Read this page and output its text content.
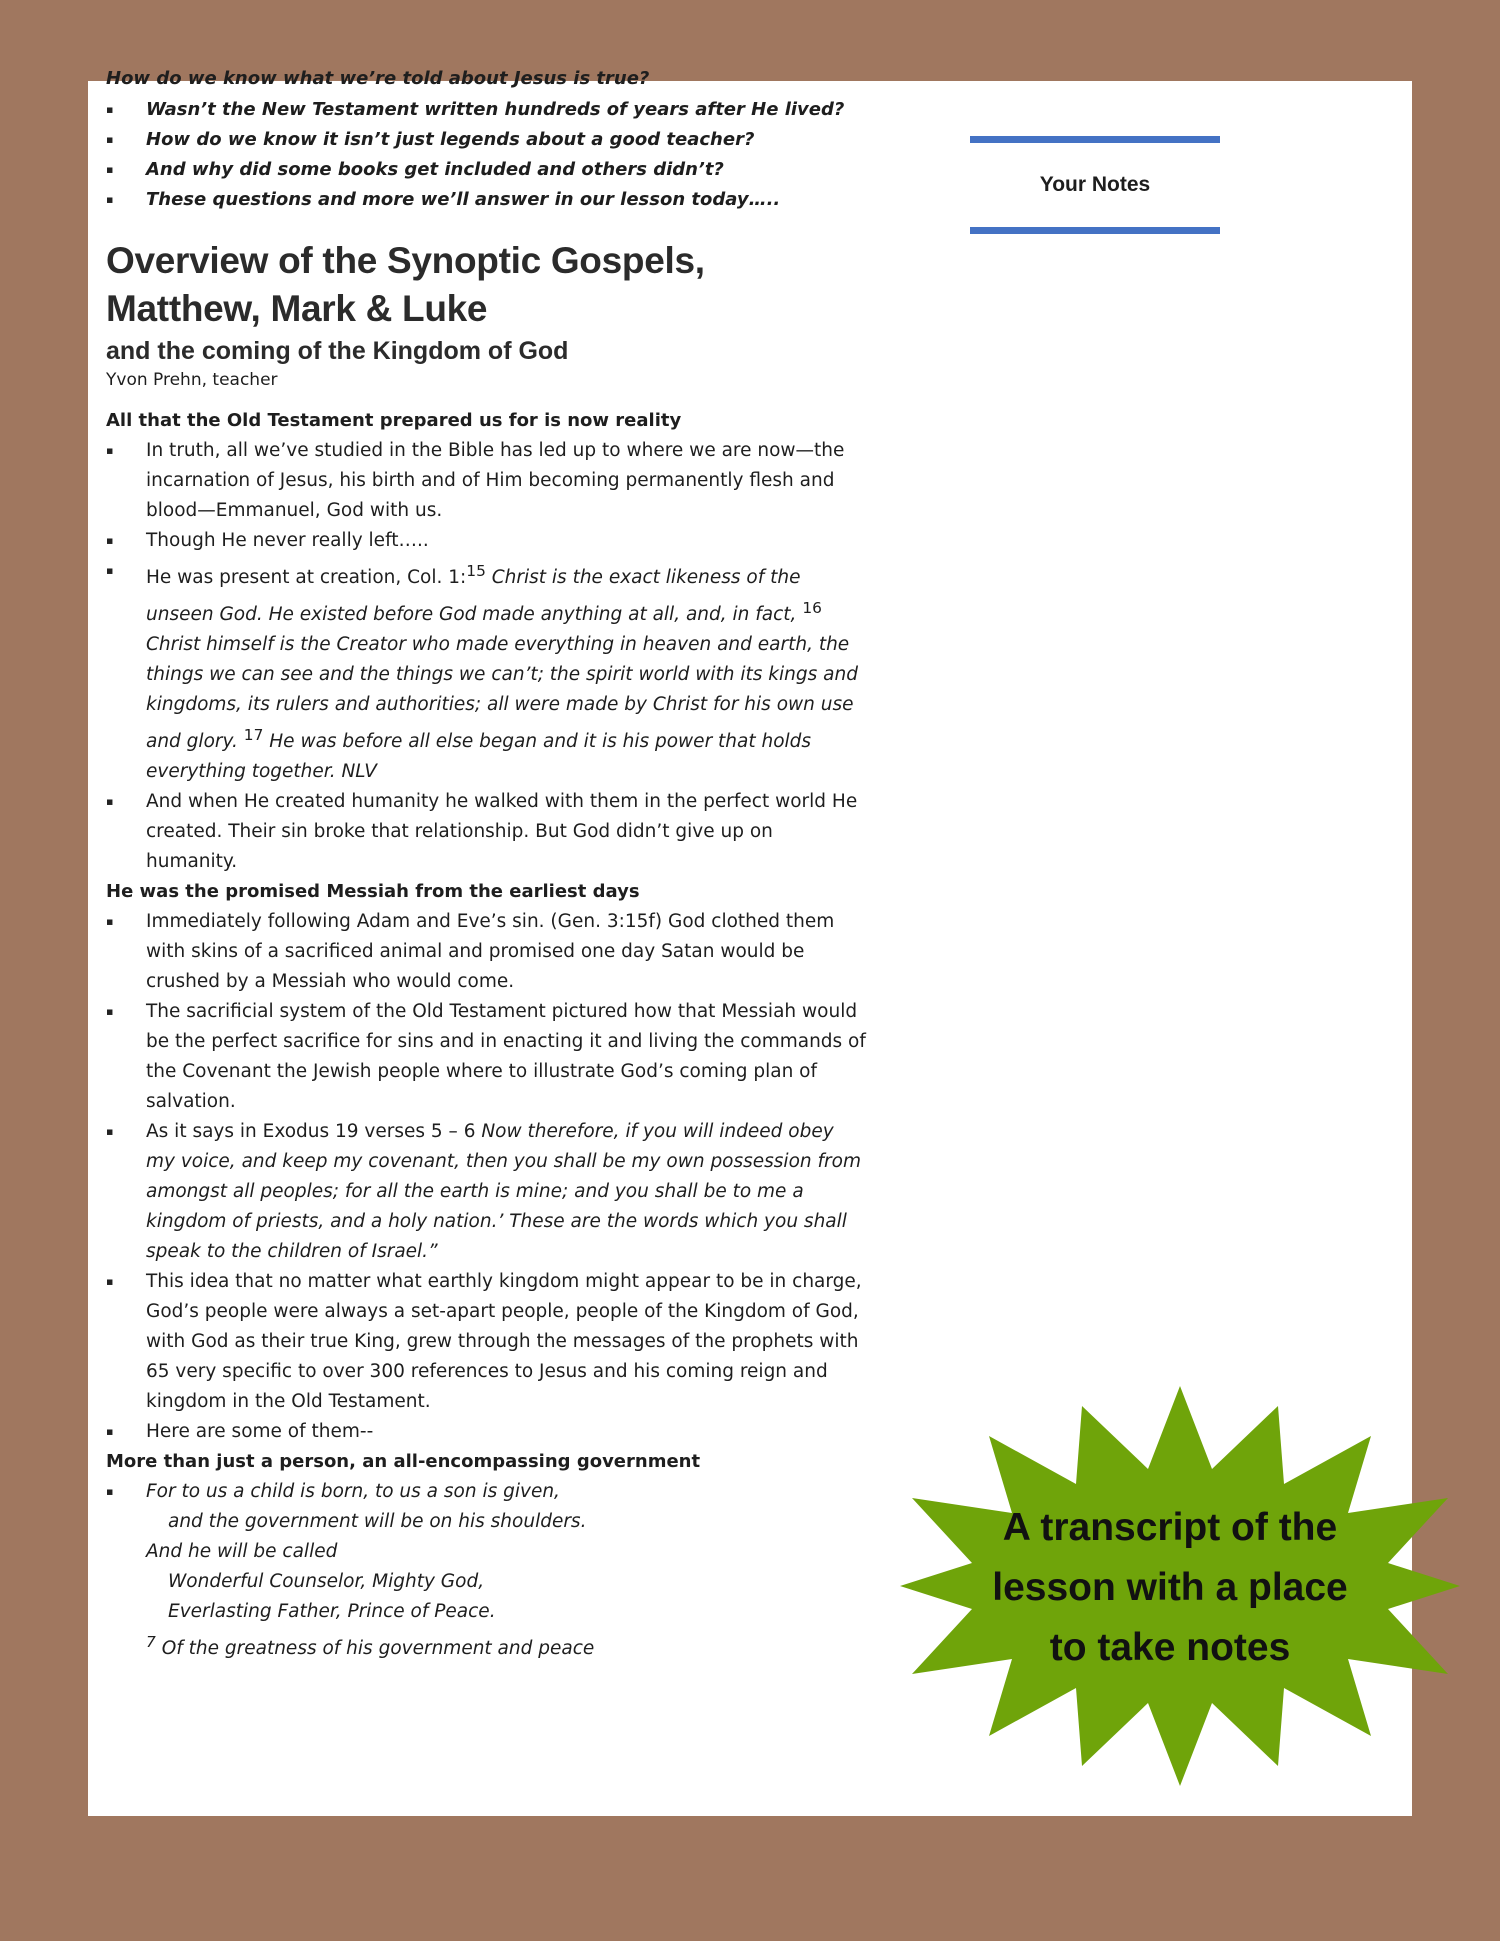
How do we know what we’re told about Jesus is true?

▪ Wasn’t the New Testament written hundreds of years after He lived?
▪ How do we know it isn’t just legends about a good teacher?
▪ And why did some books get included and others didn’t?
▪ These questions and more we’ll answer in our lesson today…..
Overview of the Synoptic Gospels, Matthew, Mark & Luke
and the coming of the Kingdom of God
Yvon Prehn, teacher

All that the Old Testament prepared us for is now reality

▪ In truth, all we’ve studied in the Bible has led up to where we are now—the incarnation of Jesus, his birth and of Him becoming permanently flesh and blood—Emmanuel, God with us.
▪ Though He never really left…..
▪ He was present at creation, Col. 1:$^{15}$ Christ is the exact likeness of the unseen God. He existed before God made anything at all, and, in fact, $^{16}$ Christ himself is the Creator who made everything in heaven and earth, the things we can see and the things we can’t; the spirit world with its kings and kingdoms, its rulers and authorities; all were made by Christ for his own use and glory. $^{17}$ He was before all else began and it is his power that holds everything together. NLV
▪ And when He created humanity he walked with them in the perfect world He created. Their sin broke that relationship. But God didn’t give up on humanity.

He was the promised Messiah from the earliest days

▪ Immediately following Adam and Eve’s sin. (Gen. 3:15f) God clothed them with skins of a sacrificed animal and promised one day Satan would be crushed by a Messiah who would come.
▪ The sacrificial system of the Old Testament pictured how that Messiah would be the perfect sacrifice for sins and in enacting it and living the commands of the Covenant the Jewish people where to illustrate God’s coming plan of salvation.
▪ As it says in Exodus 19 verses 5 – 6 Now therefore, if you will indeed obey my voice, and keep my covenant, then you shall be my own possession from amongst all peoples; for all the earth is mine; and you shall be to me a kingdom of priests, and a holy nation.’ These are the words which you shall speak to the children of Israel.”
▪ This idea that no matter what earthly kingdom might appear to be in charge, God’s people were always a set-apart people, people of the Kingdom of God, with God as their true King, grew through the messages of the prophets with 65 very specific to over 300 references to Jesus and his coming reign and kingdom in the Old Testament.
▪ Here are some of them--

More than just a person, an all-encompassing government

▪ For to us a child is born, to us a son is given,
and the government will be on his shoulders.
And he will be called
Wonderful Counselor, Mighty God,
Everlasting Father, Prince of Peace.
$^7$ Of the greatness of his government and peace
Your Notes
A transcript of the
lesson with a place
to take notes
